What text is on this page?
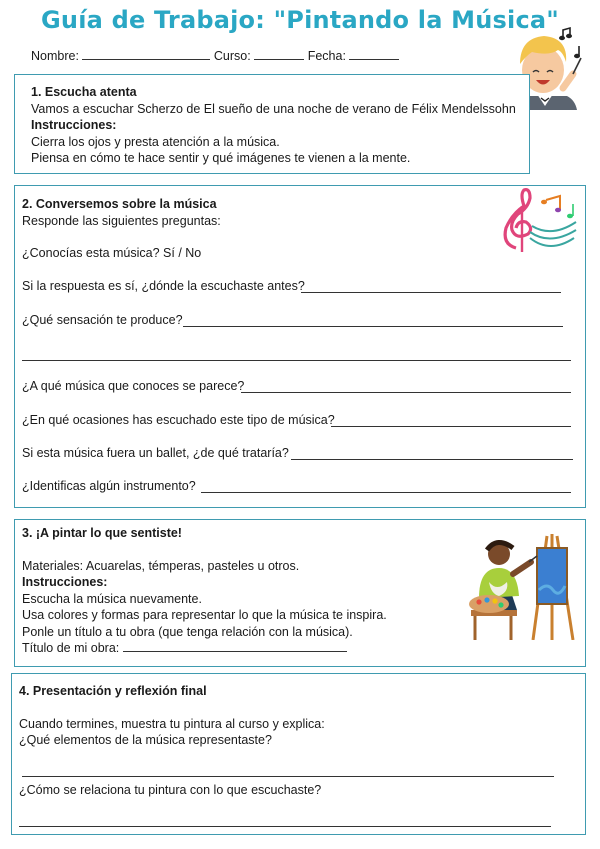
Guía de Trabajo: "Pintando la Música"
Nombre:	Curso:	Fecha:

1. Escucha atenta

Vamos a escuchar Scherzo de El sueño de una noche de verano de Félix Mendelssohn

Instrucciones:

Cierra los ojos y presta atención a la música.

Piensa en cómo te hace sentir y qué imágenes te vienen a la mente.

2. Conversemos sobre la música

Responde las siguientes preguntas:

¿Conocías esta música? Sí / No
Si la respuesta es sí, ¿dónde la escuchaste antes?
¿Qué sensación te produce?
¿A qué música que conoces se parece?
¿En qué ocasiones has escuchado este tipo de música?
Si esta música fuera un ballet, ¿de qué trataría?
¿Identificas algún instrumento?

3. ¡A pintar lo que sentiste!

Materiales: Acuarelas, témperas, pasteles u otros.

Instrucciones:

Escucha la música nuevamente.

Usa colores y formas para representar lo que la música te inspira.

Ponle un título a tu obra (que tenga relación con la música).

Título de mi obra:

4. Presentación y reflexión final

Cuando termines, muestra tu pintura al curso y explica:

¿Qué elementos de la música representaste?

¿Cómo se relaciona tu pintura con lo que escuchaste?
